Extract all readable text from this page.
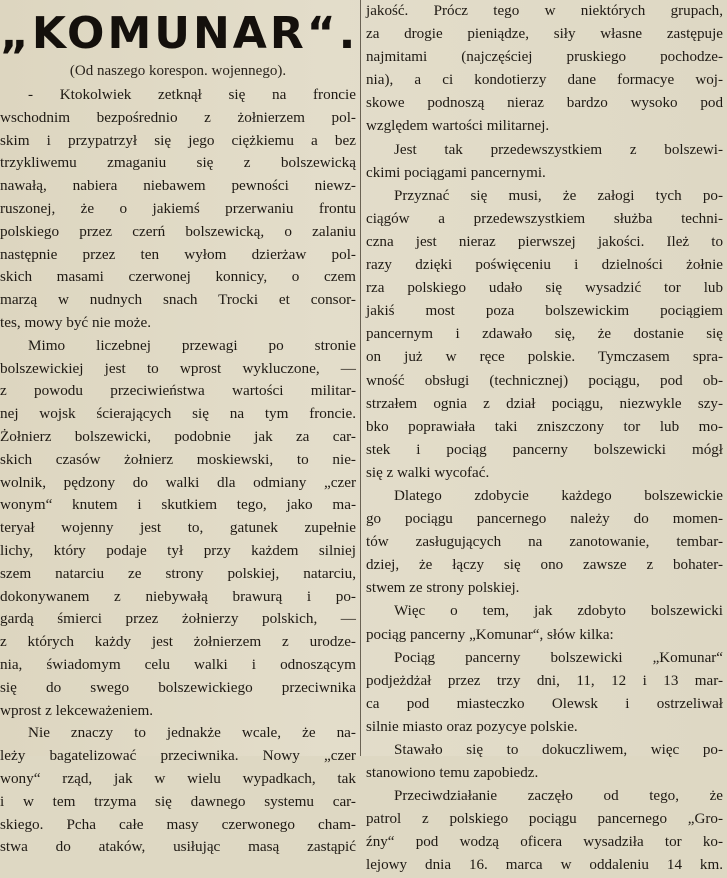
„KOMUNAR“.
(Od naszego korespon. wojennego).
- Ktokolwiek zetknął się na froncie
wschodnim bezpośrednio z żołnierzem pol-
skim i przypatrzył się jego ciężkiemu a bez
trzykliwemu zmaganiu się z bolszewicką
nawałą, nabiera niebawem pewności niewz-
ruszonej, że o jakiemś przerwaniu frontu
polskiego przez czerń bolszewicką, o zalaniu
następnie przez ten wyłom dzierżaw pol-
skich masami czerwonej konnicy, o czem
marzą w nudnych snach Trocki et consor-
tes, mowy być nie może.
Mimo liczebnej przewagi po stronie
bolszewickiej jest to wprost wykluczone, —
z powodu przeciwieństwa wartości militar-
nej wojsk ścierających się na tym froncie.
Żołnierz bolszewicki, podobnie jak za car-
skich czasów żołnierz moskiewski, to nie-
wolnik, pędzony do walki dla odmiany „czer
wonym“ knutem i skutkiem tego, jako ma-
teryał wojenny jest to, gatunek zupełnie
lichy, który podaje tył przy każdem silniej
szem natarciu ze strony polskiej, natarciu,
dokonywanem z niebywałą brawurą i po-
gardą śmierci przez żołnierzy polskich, —
z których każdy jest żołnierzem z urodze-
nia, świadomym celu walki i odnoszącym
się do swego bolszewickiego przeciwnika
wprost z lekceważeniem.
Nie znaczy to jednakże wcale, że na-
leży bagatelizować przeciwnika. Nowy „czer
wony“ rząd, jak w wielu wypadkach, tak
i w tem trzyma się dawnego systemu car-
skiego. Pcha całe masy czerwonego cham-
stwa do ataków, usiłując masą zastąpić
jakość. Prócz tego w niektórych grupach,
za drogie pieniądze, siły własne zastępuje
najmitami (najczęściej pruskiego pochodze-
nia), a ci kondotierzy dane formacye woj-
skowe podnoszą nieraz bardzo wysoko pod
względem wartości militarnej.
Jest tak przedewszystkiem z bolszewi-
ckimi pociągami pancernymi.
Przyznać się musi, że załogi tych po-
ciągów a przedewszystkiem służba techni-
czna jest nieraz pierwszej jakości. Ileż to
razy dzięki poświęceniu i dzielności żołnie
rza polskiego udało się wysadzić tor lub
jakiś most poza bolszewickim pociągiem
pancernym i zdawało się, że dostanie się
on już w ręce polskie. Tymczasem spra-
wność obsługi (technicznej) pociągu, pod ob-
strzałem ognia z dział pociągu, niezwykle szy-
bko poprawiała taki zniszczony tor lub mo-
stek i pociąg pancerny bolszewicki mógł
się z walki wycofać.
Dlatego zdobycie każdego bolszewickie
go pociągu pancernego należy do momen-
tów zasługujących na zanotowanie, tembar-
dziej, że łączy się ono zawsze z bohater-
stwem ze strony polskiej.
Więc o tem, jak zdobyto bolszewicki
pociąg pancerny „Komunar“, słów kilka:
Pociąg pancerny bolszewicki „Komunar“
podjeżdżał przez trzy dni, 11, 12 i 13 mar-
ca pod miasteczko Olewsk i ostrzeliwał
silnie miasto oraz pozycye polskie.
Stawało się to dokuczliwem, więc po-
stanowiono temu zapobiedz.
Przeciwdziałanie zaczęło od tego, że
patrol z polskiego pociągu pancernego „Gro-
źny“ pod wodzą oficera wysadziła tor ko-
lejowy dnia 16. marca w oddaleniu 14 km.
